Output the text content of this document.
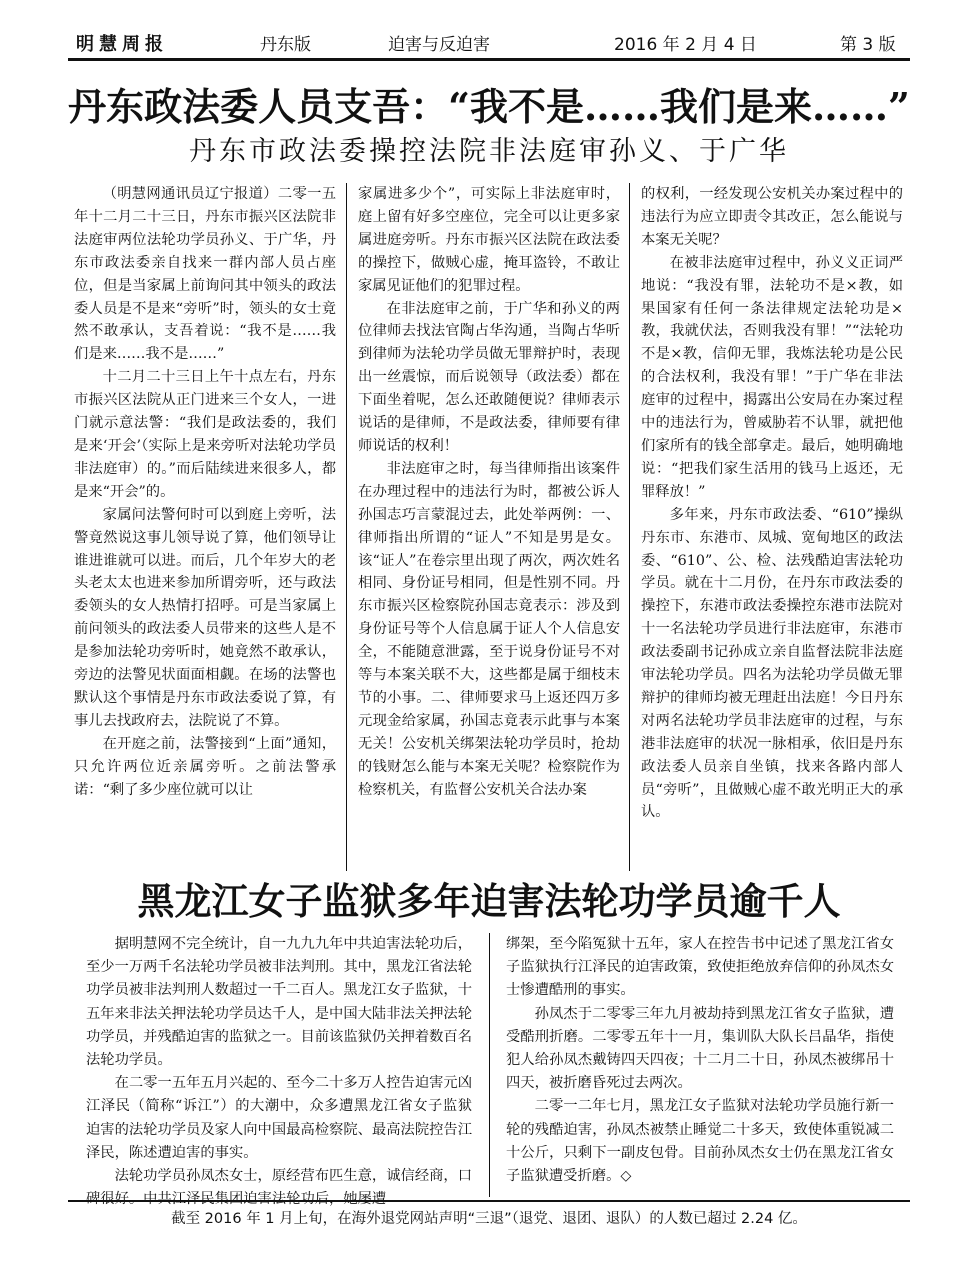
明慧周报	丹东版	迫害与反迫害	2016 年 2 月 4 日	第 3 版
丹东政法委人员支吾：“我不是……我们是来……”
丹东市政法委操控法院非法庭审孙义、于广华

（明慧网通讯员辽宁报道）二零一五年十二月二十三日，丹东市振兴区法院非法庭审两位法轮功学员孙义、于广华，丹东市政法委亲自找来一群内部人员占座位，但是当家属上前询问其中领头的政法委人员是不是来“旁听”时，领头的女士竟然不敢承认，支吾着说：“我不是……我们是来……我不是……”

十二月二十三日上午十点左右，丹东市振兴区法院从正门进来三个女人，一进门就示意法警：“我们是政法委的，我们是来‘开会’（实际上是来旁听对法轮功学员非法庭审）的。”而后陆续进来很多人，都是来“开会”的。

家属问法警何时可以到庭上旁听，法警竟然说这事儿领导说了算，他们领导让谁进谁就可以进。而后，几个年岁大的老头老太太也进来参加所谓旁听，还与政法委领头的女人热情打招呼。可是当家属上前问领头的政法委人员带来的这些人是不是参加法轮功旁听时，她竟然不敢承认，旁边的法警见状面面相觑。在场的法警也默认这个事情是丹东市政法委说了算，有事儿去找政府去，法院说了不算。

在开庭之前，法警接到“上面”通知，只允许两位近亲属旁听。之前法警承诺：“剩了多少座位就可以让

家属进多少个”，可实际上非法庭审时，庭上留有好多空座位，完全可以让更多家属进庭旁听。丹东市振兴区法院在政法委的操控下，做贼心虚，掩耳盗铃，不敢让家属见证他们的犯罪过程。

在非法庭审之前，于广华和孙义的两位律师去找法官陶占华沟通，当陶占华听到律师为法轮功学员做无罪辩护时，表现出一丝震惊，而后说领导（政法委）都在下面坐着呢，怎么还敢随便说？律师表示说话的是律师，不是政法委，律师要有律师说话的权利！

非法庭审之时，每当律师指出该案件在办理过程中的违法行为时，都被公诉人孙国志巧言蒙混过去，此处举两例：一、律师指出所谓的“证人”不知是男是女。该“证人”在卷宗里出现了两次，两次姓名相同、身份证号相同，但是性别不同。丹东市振兴区检察院孙国志竟表示：涉及到身份证号等个人信息属于证人个人信息安全，不能随意泄露，至于说身份证号不对等与本案关联不大，这些都是属于细枝末节的小事。二、律师要求马上返还四万多元现金给家属，孙国志竟表示此事与本案无关！公安机关绑架法轮功学员时，抢劫的钱财怎么能与本案无关呢？检察院作为检察机关，有监督公安机关合法办案

的权利，一经发现公安机关办案过程中的违法行为应立即责令其改正，怎么能说与本案无关呢？

在被非法庭审过程中，孙义义正词严地说：“我没有罪，法轮功不是×教，如果国家有任何一条法律规定法轮功是×教，我就伏法，否则我没有罪！”“法轮功不是×教，信仰无罪，我炼法轮功是公民的合法权利，我没有罪！”于广华在非法庭审的过程中，揭露出公安局在办案过程中的违法行为，曾威胁若不认罪，就把他们家所有的钱全部拿走。最后，她明确地说：“把我们家生活用的钱马上返还，无罪释放！”

多年来，丹东市政法委、“610”操纵丹东市、东港市、凤城、宽甸地区的政法委、“610”、公、检、法残酷迫害法轮功学员。就在十二月份，在丹东市政法委的操控下，东港市政法委操控东港市法院对十一名法轮功学员进行非法庭审，东港市政法委副书记孙成立亲自监督法院非法庭审法轮功学员。四名为法轮功学员做无罪辩护的律师均被无理赶出法庭！今日丹东对两名法轮功学员非法庭审的过程，与东港非法庭审的状况一脉相承，依旧是丹东政法委人员亲自坐镇，找来各路内部人员“旁听”，且做贼心虚不敢光明正大的承认。

黑龙江女子监狱多年迫害法轮功学员逾千人

据明慧网不完全统计，自一九九九年中共迫害法轮功后，至少一万两千名法轮功学员被非法判刑。其中，黑龙江省法轮功学员被非法判刑人数超过一千二百人。黑龙江女子监狱，十五年来非法关押法轮功学员达千人，是中国大陆非法关押法轮功学员，并残酷迫害的监狱之一。目前该监狱仍关押着数百名法轮功学员。

在二零一五年五月兴起的、至今二十多万人控告迫害元凶江泽民（简称“诉江”）的大潮中，众多遭黑龙江省女子监狱迫害的法轮功学员及家人向中国最高检察院、最高法院控告江泽民，陈述遭迫害的事实。

法轮功学员孙凤杰女士，原经营布匹生意，诚信经商，口

绑架，至今陷冤狱十五年，家人在控告书中记述了黑龙江省女子监狱执行江泽民的迫害政策，致使拒绝放弃信仰的孙凤杰女士惨遭酷刑的事实。

孙凤杰于二零零三年九月被劫持到黑龙江省女子监狱，遭受酷刑折磨。二零零五年十一月，集训队大队长吕晶华，指使犯人给孙凤杰戴铸四天四夜；十二月二十日，孙凤杰被绑吊十四天，被折磨昏死过去两次。

二零一二年七月，黑龙江女子监狱对法轮功学员施行新一轮的残酷迫害，孙凤杰被禁止睡觉二十多天，致使体重锐减二十公斤，只剩下一副皮包骨。目前孙凤杰女士仍在黑龙江省女子监狱遭受折磨。◇

截至 2016 年 1 月上旬，在海外退党网站声明“三退”（退党、退团、退队）的人数已超过 2.24 亿。
